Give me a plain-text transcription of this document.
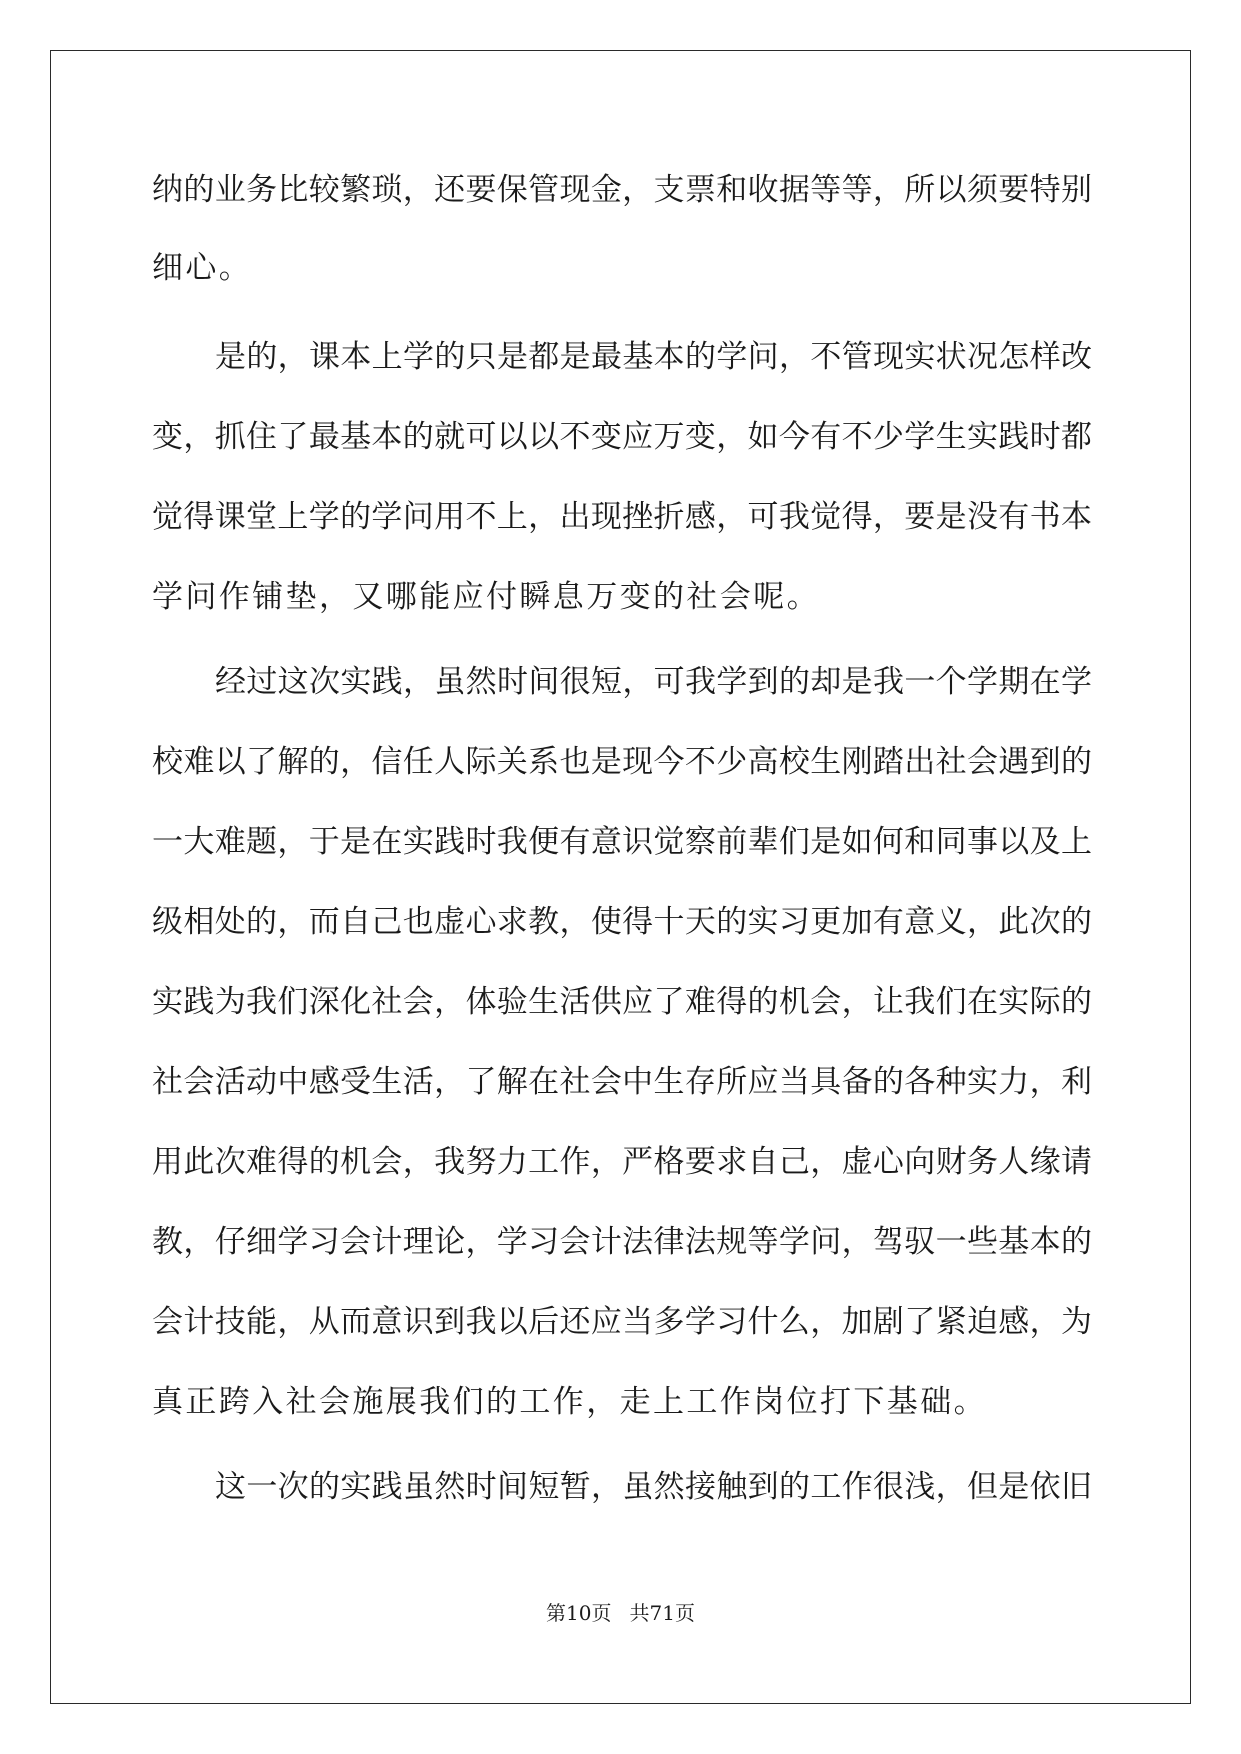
纳的业务比较繁琐，还要保管现金，支票和收据等等，所以须要特别
细心。
是的，课本上学的只是都是最基本的学问，不管现实状况怎样改
变，抓住了最基本的就可以以不变应万变，如今有不少学生实践时都
觉得课堂上学的学问用不上，出现挫折感，可我觉得，要是没有书本
学问作铺垫，又哪能应付瞬息万变的社会呢。
经过这次实践，虽然时间很短，可我学到的却是我一个学期在学
校难以了解的，信任人际关系也是现今不少高校生刚踏出社会遇到的
一大难题，于是在实践时我便有意识觉察前辈们是如何和同事以及上
级相处的，而自己也虚心求教，使得十天的实习更加有意义，此次的
实践为我们深化社会，体验生活供应了难得的机会，让我们在实际的
社会活动中感受生活，了解在社会中生存所应当具备的各种实力，利
用此次难得的机会，我努力工作，严格要求自己，虚心向财务人缘请
教，仔细学习会计理论，学习会计法律法规等学问，驾驭一些基本的
会计技能，从而意识到我以后还应当多学习什么，加剧了紧迫感，为
真正跨入社会施展我们的工作，走上工作岗位打下基础。
这一次的实践虽然时间短暂，虽然接触到的工作很浅，但是依旧
第10页 共71页
